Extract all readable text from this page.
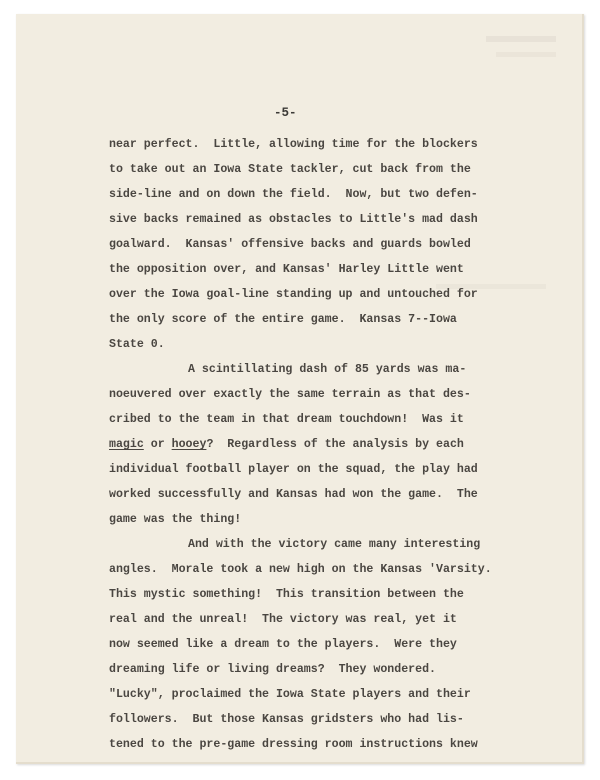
-5-

near perfect.  Little, allowing time for the blockers
to take out an Iowa State tackler, cut back from the
side-line and on down the field.  Now, but two defen-
sive backs remained as obstacles to Little's mad dash
goalward.  Kansas' offensive backs and guards bowled
the opposition over, and Kansas' Harley Little went
over the Iowa goal-line standing up and untouched for
the only score of the entire game.  Kansas 7--Iowa
State 0.
A scintillating dash of 85 yards was ma-
noeuvered over exactly the same terrain as that des-
cribed to the team in that dream touchdown!  Was it
magic or hooey?  Regardless of the analysis by each
individual football player on the squad, the play had
worked successfully and Kansas had won the game.  The
game was the thing!
And with the victory came many interesting
angles.  Morale took a new high on the Kansas 'Varsity.
This mystic something!  This transition between the
real and the unreal!  The victory was real, yet it
now seemed like a dream to the players.  Were they
dreaming life or living dreams?  They wondered.
"Lucky", proclaimed the Iowa State players and their
followers.  But those Kansas gridsters who had lis-
tened to the pre-game dressing room instructions knew
